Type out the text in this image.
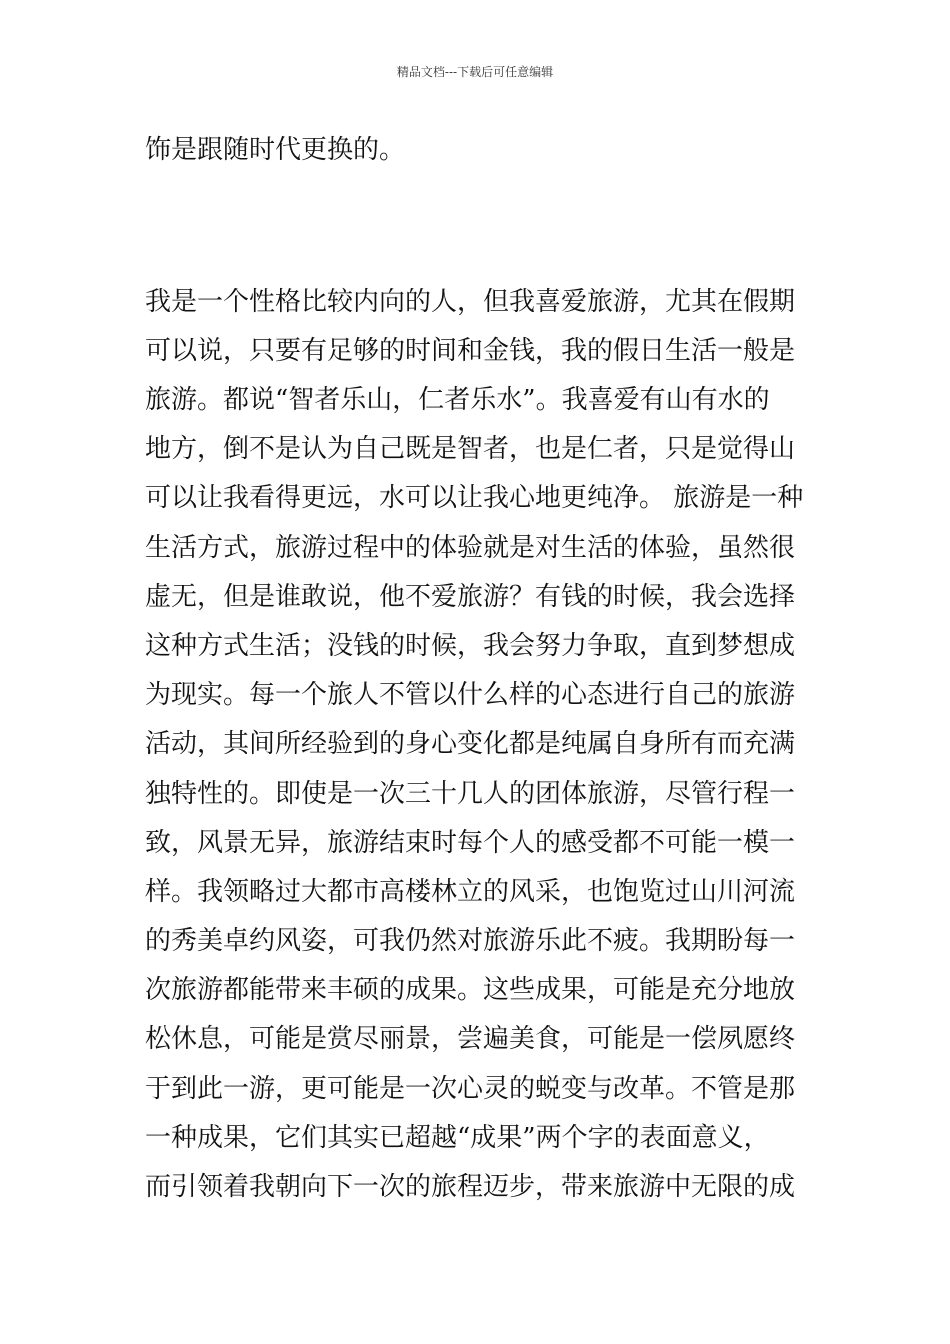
精品文档---下载后可任意编辑
饰是跟随时代更换的。
我是一个性格比较内向的人，但我喜爱旅游，尤其在假期
可以说，只要有足够的时间和金钱，我的假日生活一般是
旅游。都说“智者乐山，仁者乐水”。我喜爱有山有水的
地方，倒不是认为自己既是智者，也是仁者，只是觉得山
可以让我看得更远，水可以让我心地更纯净。 旅游是一种
生活方式，旅游过程中的体验就是对生活的体验，虽然很
虚无，但是谁敢说，他不爱旅游？有钱的时候，我会选择
这种方式生活；没钱的时候，我会努力争取，直到梦想成
为现实。每一个旅人不管以什么样的心态进行自己的旅游
活动，其间所经验到的身心变化都是纯属自身所有而充满
独特性的。即使是一次三十几人的团体旅游，尽管行程一
致，风景无异，旅游结束时每个人的感受都不可能一模一
样。我领略过大都市高楼林立的风采，也饱览过山川河流
的秀美卓约风姿，可我仍然对旅游乐此不疲。我期盼每一
次旅游都能带来丰硕的成果。这些成果，可能是充分地放
松休息，可能是赏尽丽景，尝遍美食，可能是一偿夙愿终
于到此一游，更可能是一次心灵的蜕变与改革。不管是那
一种成果，它们其实已超越“成果”两个字的表面意义，
而引领着我朝向下一次的旅程迈步，带来旅游中无限的成
